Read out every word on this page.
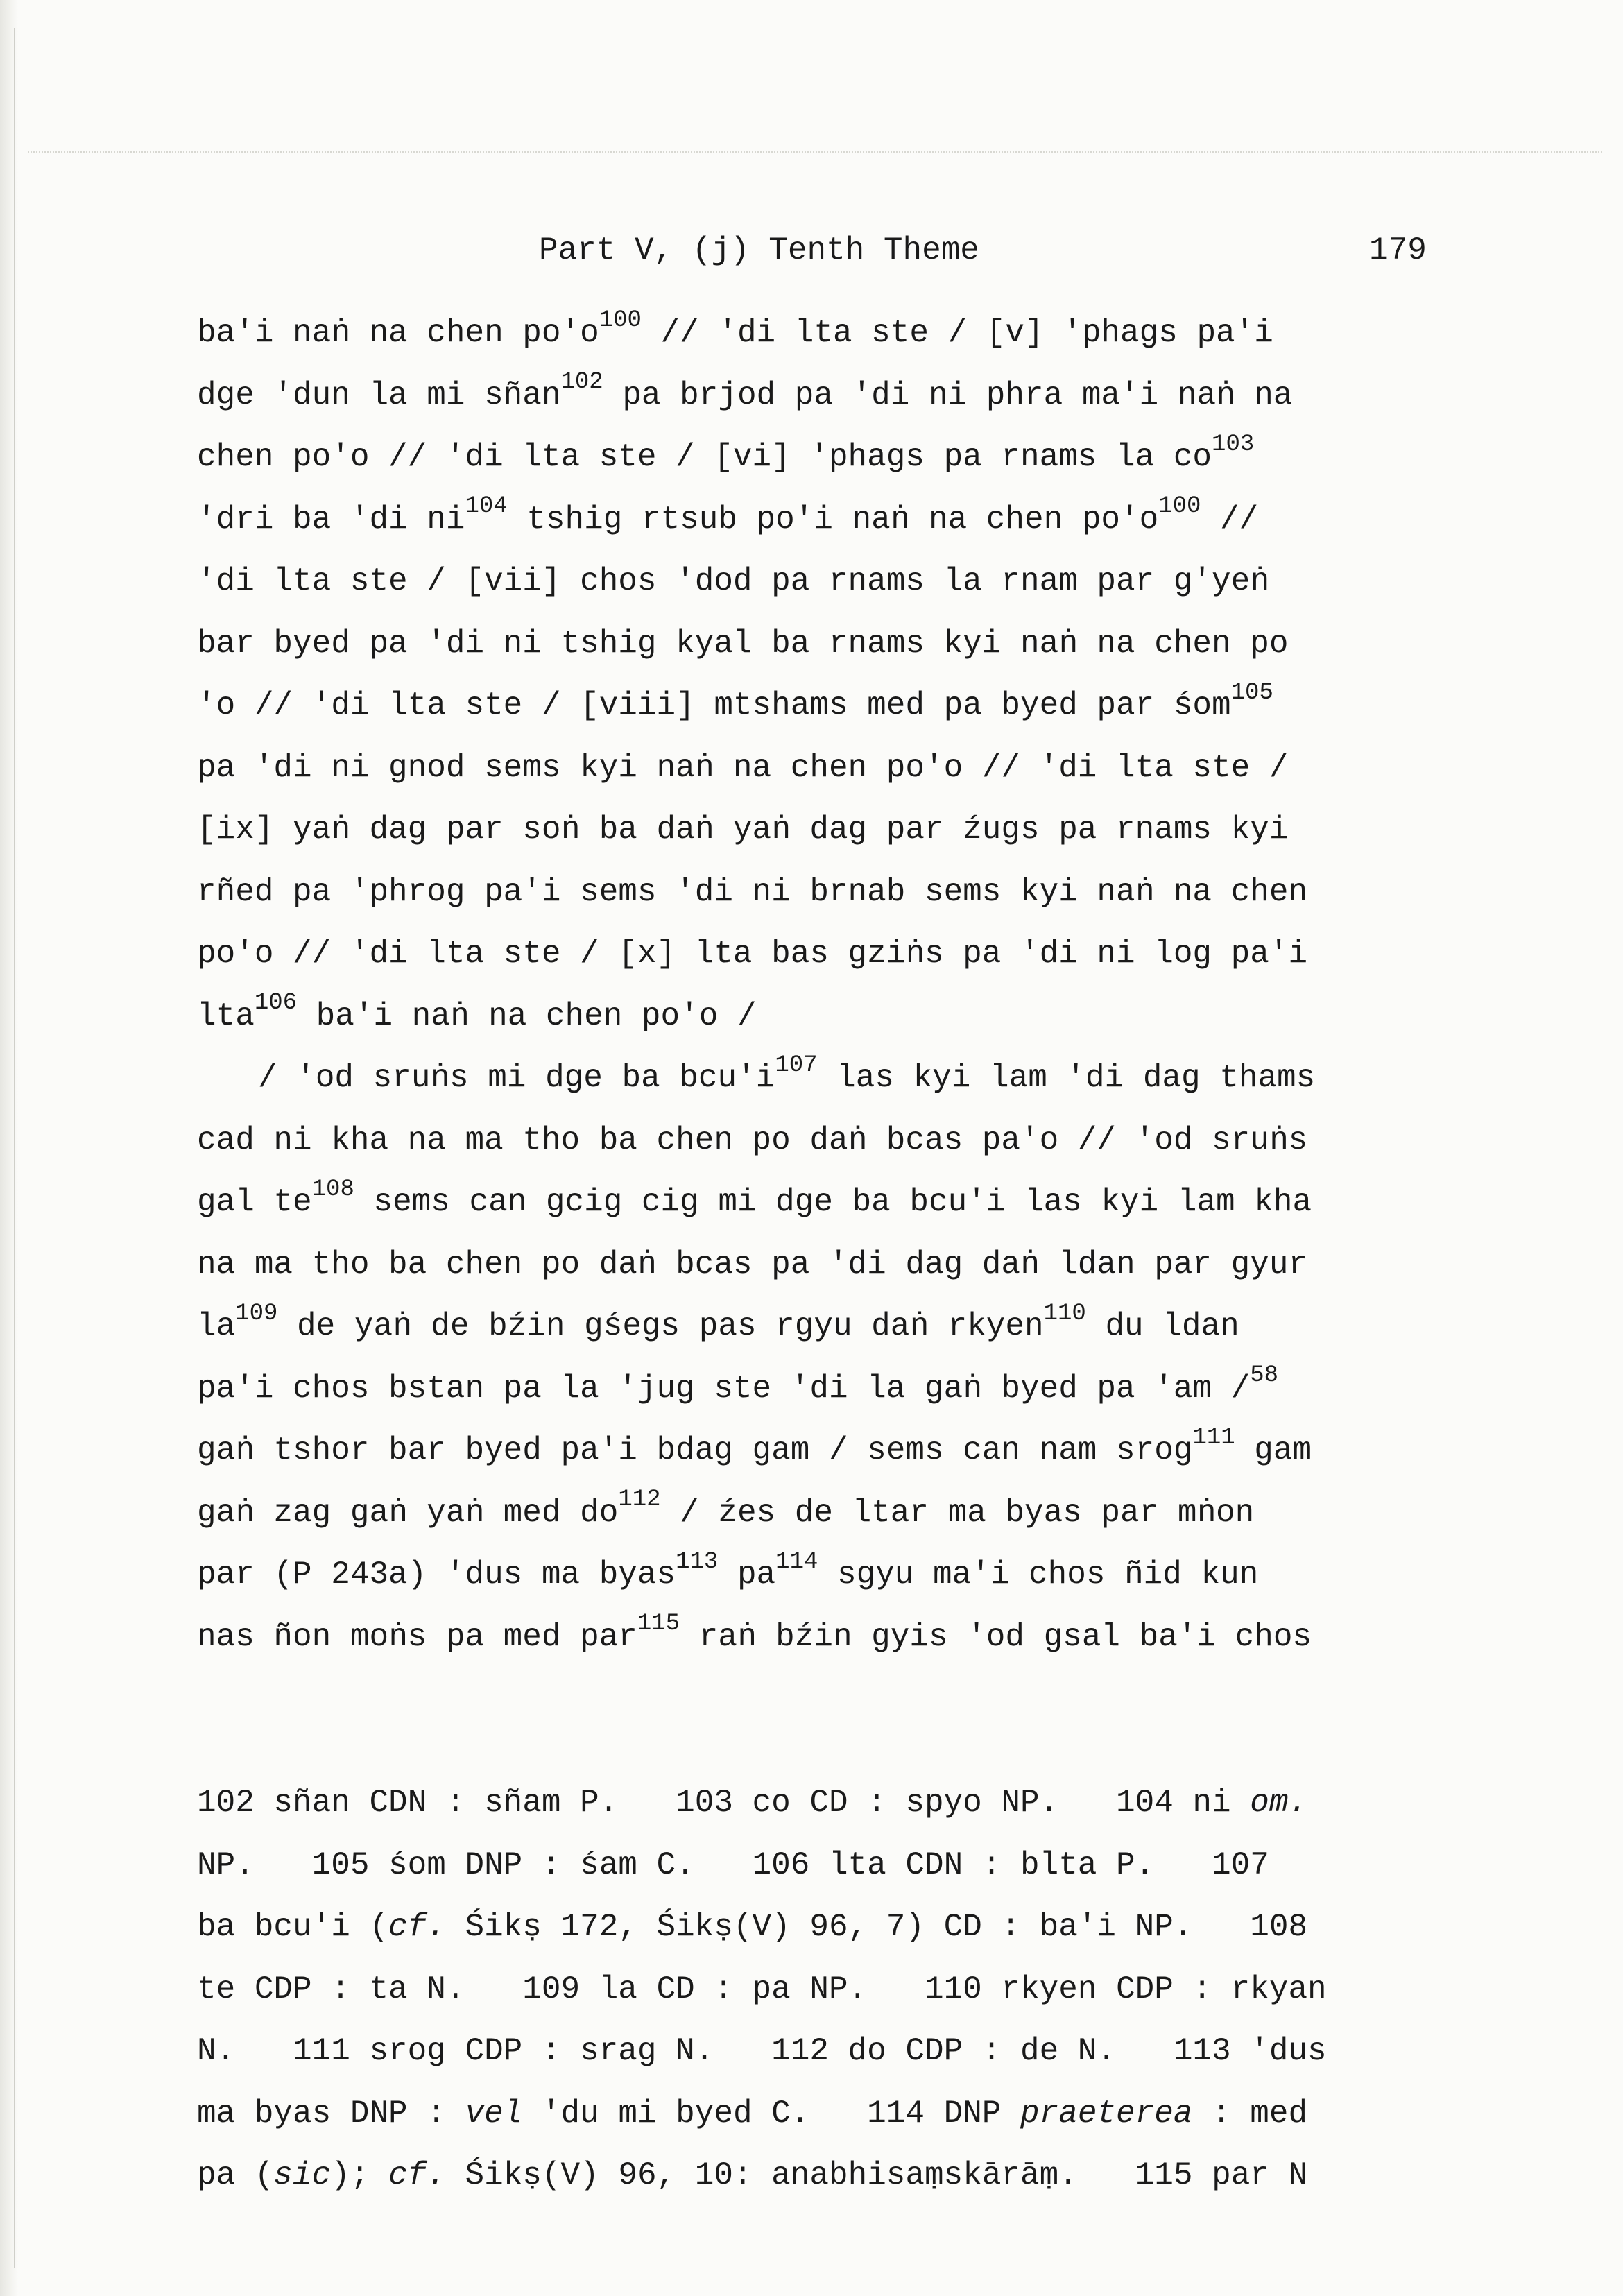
Part V, (j) Tenth Theme	179
ba'i naṅ na chen $po'o^{100}$ // 'di lta ste / [v] 'phags pa'i
dge 'dun la mi sñan$^{102}$ pa brjod pa 'di ni phra ma'i naṅ na
chen po'o // 'di lta ste / [vi] 'phags pa rnams la $co^{103}$
'dri ba 'di $ni^{104}$ tshig rtsub po'i naṅ na chen $po'o^{100}$ //
'di lta ste / [vii] chos 'dod pa rnams la rnam par g'yeṅ
bar byed pa 'di ni tshig kyal ba rnams kyi naṅ na chen po
'o // 'di lta ste / [viii] mtshams med pa byed par śom$^{105}$
pa 'di ni gnod sems kyi naṅ na chen po'o // 'di lta ste /
[ix] yaṅ dag par soṅ ba daṅ yaṅ dag par źugs pa rnams kyi
rñed pa 'phrog pa'i sems 'di ni brnab sems kyi naṅ na chen
po'o // 'di lta ste / [x] lta bas gziṅs pa 'di ni log pa'i
lta$^{106}$ ba'i naṅ na chen po'o /
/ 'od sruṅs mi dge ba $bcu'i^{107}$ las kyi lam 'di dag thams
cad ni kha na ma tho ba chen po daṅ bcas pa'o // 'od sruṅs
gal $te^{108}$ sems can gcig cig mi dge ba bcu'i las kyi lam kha
na ma tho ba chen po daṅ bcas pa 'di dag daṅ ldan par gyur
$la^{109}$ de yaṅ de bźin gśegs pas rgyu daṅ rkyen$^{110}$ du ldan
pa'i chos bstan pa la 'jug ste 'di la gaṅ byed pa 'am /$^{58}$
gaṅ tshor bar byed pa'i bdag gam / sems can nam srog$^{111}$ gam
gaṅ zag gaṅ yaṅ med $do^{112}$ / źes de ltar ma byas par mṅon
par (P 243a) 'dus ma byas$^{113}$ $pa^{114}$ sgyu ma'i chos ñid kun
nas ñon moṅs pa med par$^{115}$ raṅ bźin gyis 'od gsal ba'i chos
102 sñan CDN : sñam P.   103 co CD : spyo NP.   104 ni om.
NP.   105 śom DNP : śam C.   106 lta CDN : blta P.   107
ba bcu'i (cf. Śikṣ 172, Śikṣ(V) 96, 7) CD : ba'i NP.   108
te CDP : ta N.   109 la CD : pa NP.   110 rkyen CDP : rkyan
N.   111 srog CDP : srag N.   112 do CDP : de N.   113 'dus
ma byas DNP : vel 'du mi byed C.   114 DNP praeterea : med
pa (sic); cf. Śikṣ(V) 96, 10: anabhisaṃskārāṃ.   115 par N
